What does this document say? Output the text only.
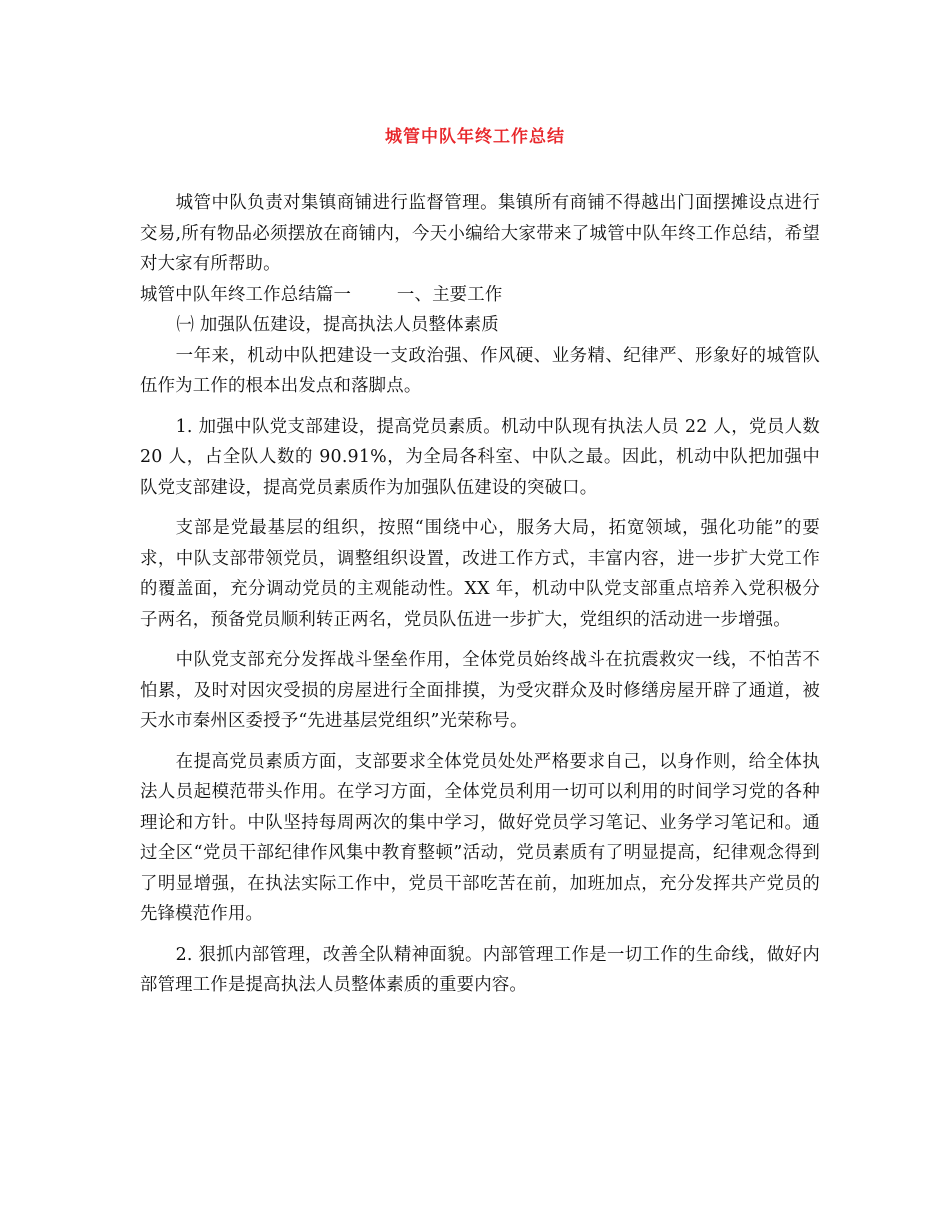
城管中队年终工作总结

城管中队负责对集镇商铺进行监督管理。集镇所有商铺不得越出门面摆摊设点进行交易,所有物品必须摆放在商铺内，今天小编给大家带来了城管中队年终工作总结，希望对大家有所帮助。

城管中队年终工作总结篇一        一、主要工作

㈠ 加强队伍建设，提高执法人员整体素质

一年来，机动中队把建设一支政治强、作风硬、业务精、纪律严、形象好的城管队伍作为工作的根本出发点和落脚点。

1. 加强中队党支部建设，提高党员素质。机动中队现有执法人员 22 人，党员人数 20 人，占全队人数的 90.91%，为全局各科室、中队之最。因此，机动中队把加强中队党支部建设，提高党员素质作为加强队伍建设的突破口。

支部是党最基层的组织，按照“围绕中心，服务大局，拓宽领域，强化功能”的要求，中队支部带领党员，调整组织设置，改进工作方式，丰富内容，进一步扩大党工作的覆盖面，充分调动党员的主观能动性。XX 年，机动中队党支部重点培养入党积极分子两名，预备党员顺利转正两名，党员队伍进一步扩大，党组织的活动进一步增强。

中队党支部充分发挥战斗堡垒作用，全体党员始终战斗在抗震救灾一线，不怕苦不怕累，及时对因灾受损的房屋进行全面排摸，为受灾群众及时修缮房屋开辟了通道，被天水市秦州区委授予“先进基层党组织”光荣称号。

在提高党员素质方面，支部要求全体党员处处严格要求自己，以身作则，给全体执法人员起模范带头作用。在学习方面，全体党员利用一切可以利用的时间学习党的各种理论和方针。中队坚持每周两次的集中学习，做好党员学习笔记、业务学习笔记和。通过全区“党员干部纪律作风集中教育整顿”活动，党员素质有了明显提高，纪律观念得到了明显增强，在执法实际工作中，党员干部吃苦在前，加班加点，充分发挥共产党员的先锋模范作用。

2. 狠抓内部管理，改善全队精神面貌。内部管理工作是一切工作的生命线，做好内部管理工作是提高执法人员整体素质的重要内容。
